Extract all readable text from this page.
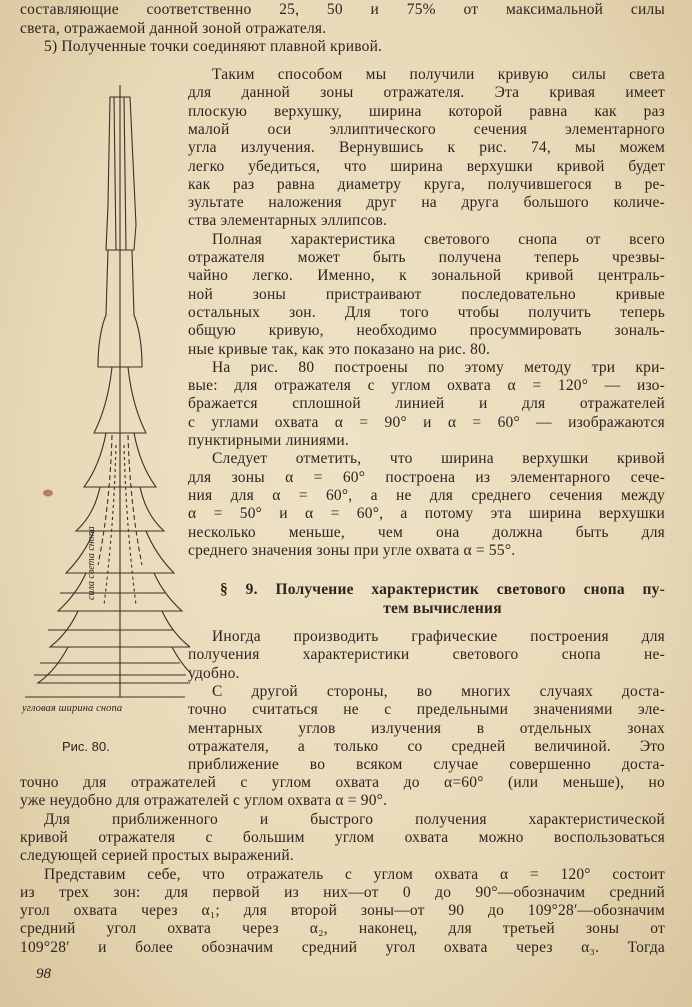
составляющие соответственно 25, 50 и 75% от максимальной силы
света, отражаемой данной зоной отражателя.
5) Полученные точки соединяют плавной кривой.
Таким способом мы получили кривую силы света
для данной зоны отражателя. Эта кривая имеет
плоскую верхушку, ширина которой равна как раз
малой оси эллиптического сечения элементарного
угла излучения. Вернувшись к рис. 74, мы можем
легко убедиться, что ширина верхушки кривой будет
как раз равна диаметру круга, получившегося в ре-
зультате наложения друг на друга большого количе-
ства элементарных эллипсов.
Полная характеристика светового снопа от всего
отражателя может быть получена теперь чрезвы-
чайно легко. Именно, к зональной кривой централь-
ной зоны пристраивают последовательно кривые
остальных зон. Для того чтобы получить теперь
общую кривую, необходимо просуммировать зональ-
ные кривые так, как это показано на рис. 80.
На рис. 80 построены по этому методу три кри-
вые: для отражателя с углом охвата α = 120° — изо-
бражается сплошной линией и для отражателей
с углами охвата α = 90° и α = 60° — изображаются
пунктирными линиями.
Следует отметить, что ширина верхушки кривой
для зоны α = 60° построена из элементарного сече-
ния для α = 60°, а не для среднего сечения между
α = 50° и α = 60°, а потому эта ширина верхушки
несколько меньше, чем она должна быть для
среднего значения зоны при угле охвата α = 55°.
Иногда производить графические построения для
получения характеристики светового снопа не-
удобно.
С другой стороны, во многих случаях доста-
точно считаться не с предельными значениями эле-
ментарных углов излучения в отдельных зонах
отражателя, а только со средней величиной. Это
приближение во всяком случае совершенно доста-
точно для отражателей с углом охвата до α=60° (или меньше), но
уже неудобно для отражателей с углом охвата α = 90°.
Для приближенного и быстрого получения характеристической
кривой отражателя с большим углом охвата можно воспользоваться
следующей серией простых выражений.
Представим себе, что отражатель с углом охвата α = 120° состоит
из трех зон: для первой из них—от 0 до 90°—обозначим средний
угол охвата через α₁; для второй зоны—от 90 до 109°28′—обозначим
средний угол охвата через α₂, наконец, для третьей зоны от
109°28′ и более обозначим средний угол охвата через α₃. Тогда
§ 9. Получение характеристик светового снопа пу-
тем вычисления
сила света снопа
угловая ширина снопа
Рис. 80.
98
